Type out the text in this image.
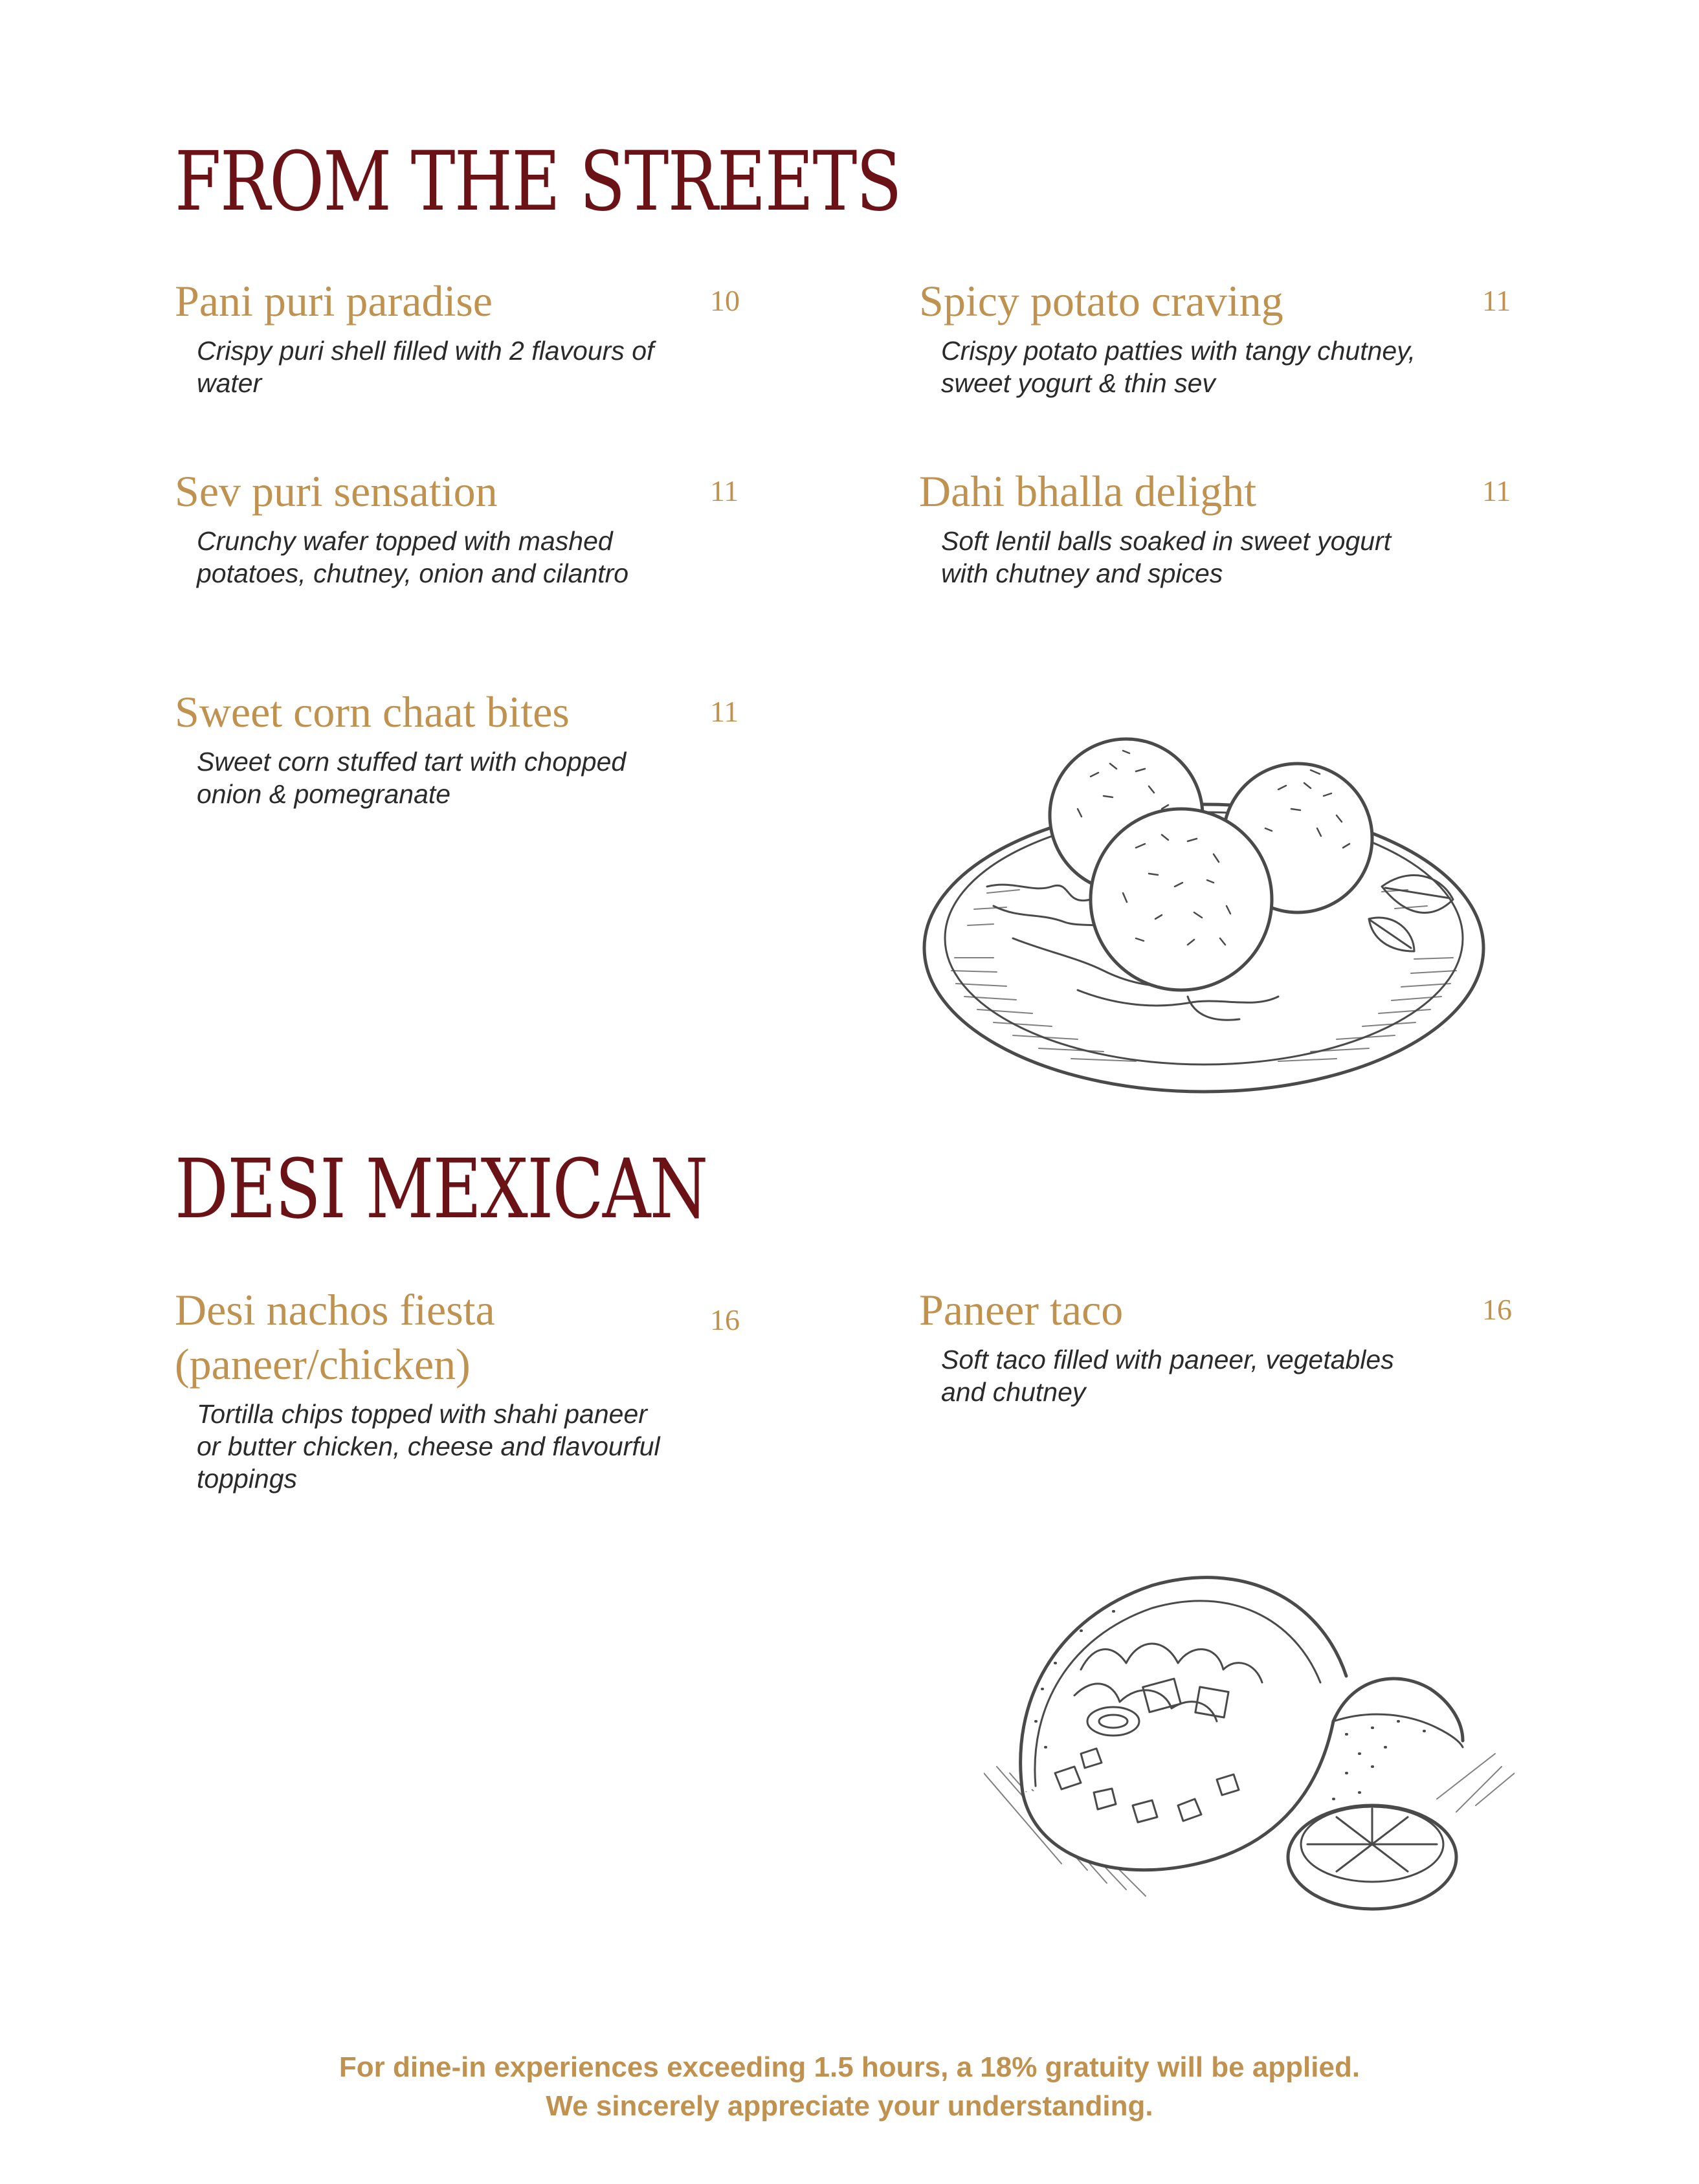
FROM THE STREETS
Pani puri paradise	10
Crispy puri shell filled with 2 flavours of water
Spicy potato craving	11
Crispy potato patties with tangy chutney, sweet yogurt & thin sev
Sev puri sensation	11
Crunchy wafer topped with mashed potatoes, chutney, onion and cilantro
Dahi bhalla delight	11
Soft lentil balls soaked in sweet yogurt with chutney and spices
Sweet corn chaat bites	11
Sweet corn stuffed tart with chopped onion & pomegranate
DESI MEXICAN
Desi nachos fiesta (paneer/chicken)
16
Tortilla chips topped with shahi paneer or butter chicken, cheese and flavourful toppings
Paneer taco	16
Soft taco filled with paneer, vegetables and chutney
For dine-in experiences exceeding 1.5 hours, a 18% gratuity will be applied.
We sincerely appreciate your understanding.
